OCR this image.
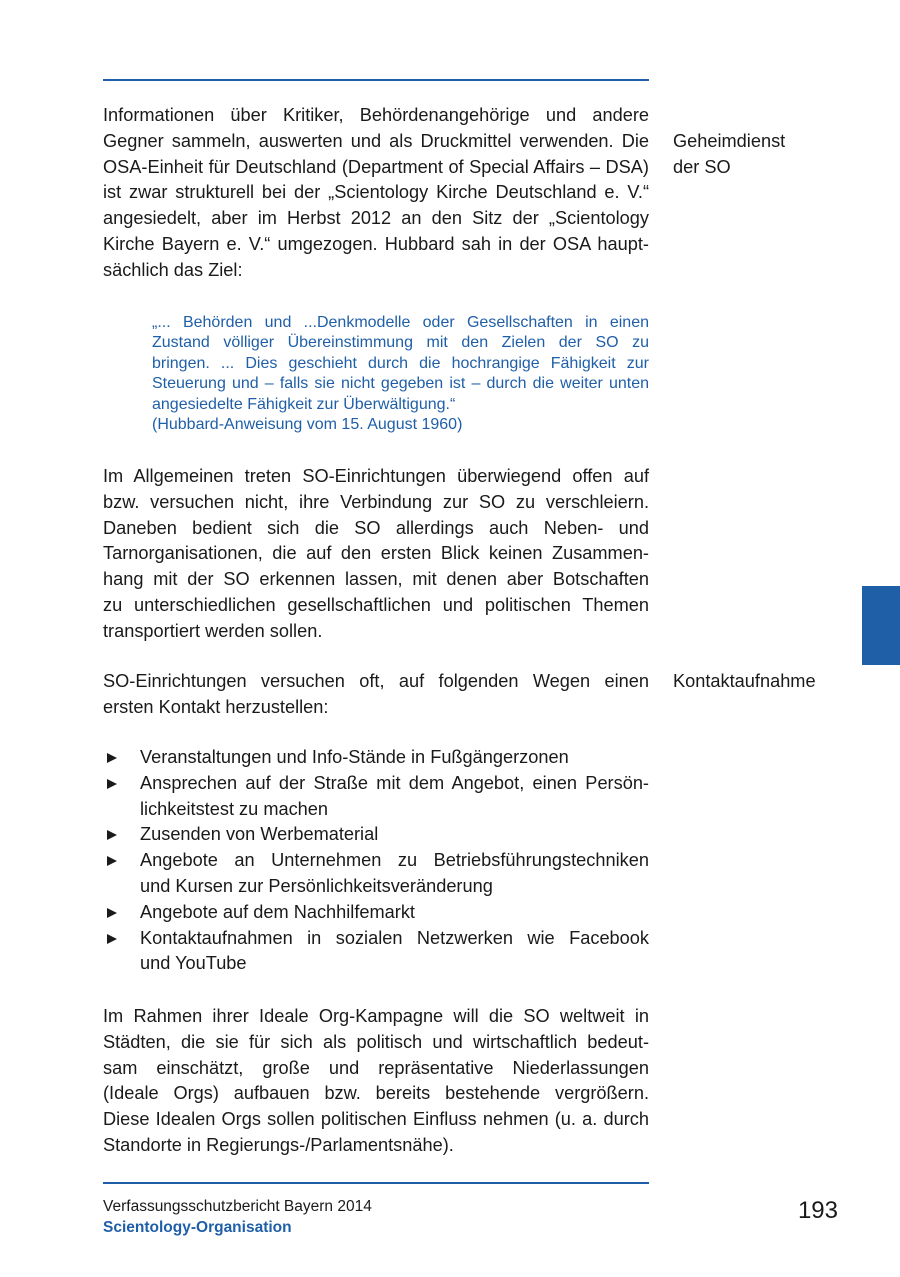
Informationen über Kritiker, Behördenangehörige und andere
Gegner sammeln, auswerten und als Druckmittel verwenden. Die
OSA-Einheit für Deutschland (Department of Special Affairs – DSA)
ist zwar strukturell bei der „Scientology Kirche Deutschland e. V.“
angesiedelt, aber im Herbst 2012 an den Sitz der „Scientology
Kirche Bayern e. V.“ umgezogen. Hubbard sah in der OSA haupt-
sächlich das Ziel:
Geheimdienst
der SO
„... Behörden und ...Denkmodelle oder Gesellschaften in einen
Zustand völliger Übereinstimmung mit den Zielen der SO zu
bringen. ... Dies geschieht durch die hochrangige Fähigkeit zur
Steuerung und – falls sie nicht gegeben ist – durch die weiter unten
angesiedelte Fähigkeit zur Überwältigung.“
(Hubbard-Anweisung vom 15. August 1960)
Im Allgemeinen treten SO-Einrichtungen überwiegend offen auf
bzw. versuchen nicht, ihre Verbindung zur SO zu verschleiern.
Daneben bedient sich die SO allerdings auch Neben- und
Tarnorganisationen, die auf den ersten Blick keinen Zusammen-
hang mit der SO erkennen lassen, mit denen aber Botschaften
zu unterschiedlichen gesellschaftlichen und politischen Themen
transportiert werden sollen.
SO-Einrichtungen versuchen oft, auf folgenden Wegen einen
ersten Kontakt herzustellen:
Kontaktaufnahme
Veranstaltungen und Info-Stände in Fußgängerzonen
Ansprechen auf der Straße mit dem Angebot, einen Persön-
lichkeitstest zu machen
Zusenden von Werbematerial
Angebote an Unternehmen zu Betriebsführungstechniken
und Kursen zur Persönlichkeitsveränderung
Angebote auf dem Nachhilfemarkt
Kontaktaufnahmen in sozialen Netzwerken wie Facebook
und YouTube
Im Rahmen ihrer Ideale Org-Kampagne will die SO weltweit in
Städten, die sie für sich als politisch und wirtschaftlich bedeut-
sam einschätzt, große und repräsentative Niederlassungen
(Ideale Orgs) aufbauen bzw. bereits bestehende vergrößern.
Diese Idealen Orgs sollen politischen Einfluss nehmen (u. a. durch
Standorte in Regierungs-/Parlamentsnähe).
Verfassungsschutzbericht Bayern 2014
Scientology-Organisation
193
